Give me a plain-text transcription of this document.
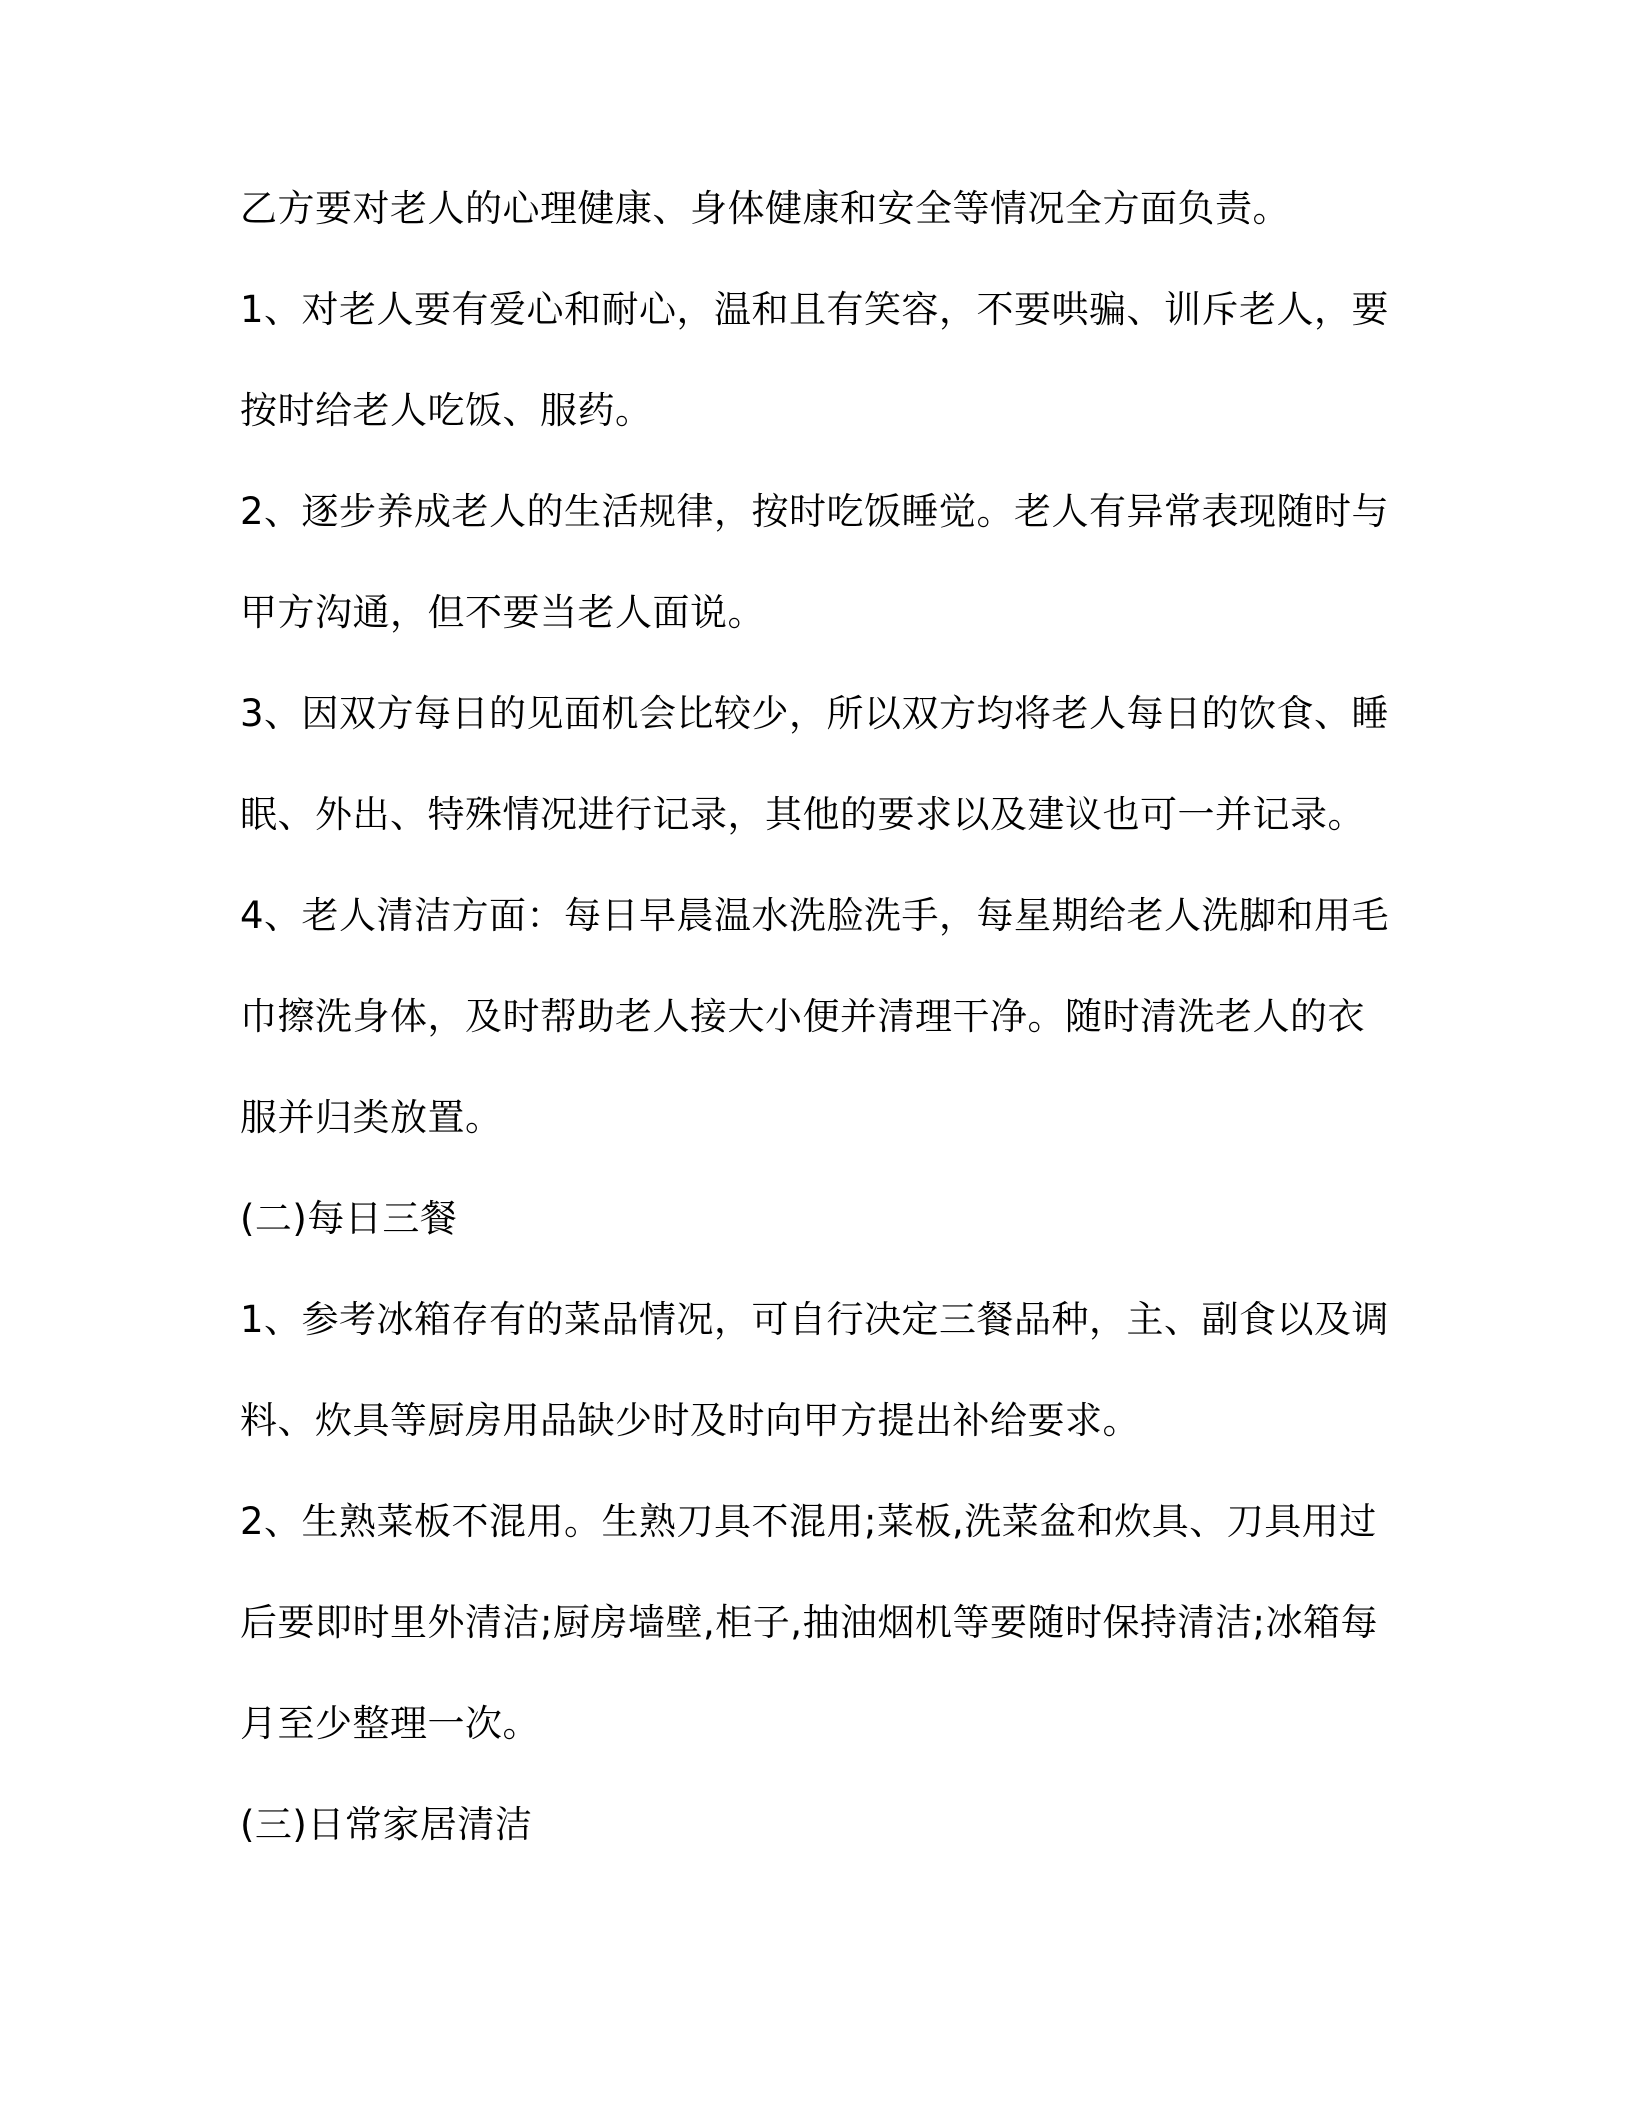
乙方要对老人的心理健康、身体健康和安全等情况全方面负责。
1、对老人要有爱心和耐心，温和且有笑容，不要哄骗、训斥老人，要
按时给老人吃饭、服药。
2、逐步养成老人的生活规律，按时吃饭睡觉。老人有异常表现随时与
甲方沟通，但不要当老人面说。
3、因双方每日的见面机会比较少，所以双方均将老人每日的饮食、睡
眠、外出、特殊情况进行记录，其他的要求以及建议也可一并记录。
4、老人清洁方面：每日早晨温水洗脸洗手，每星期给老人洗脚和用毛
巾擦洗身体，及时帮助老人接大小便并清理干净。随时清洗老人的衣
服并归类放置。
(二)每日三餐
1、参考冰箱存有的菜品情况，可自行决定三餐品种，主、副食以及调
料、炊具等厨房用品缺少时及时向甲方提出补给要求。
2、生熟菜板不混用。生熟刀具不混用;菜板,洗菜盆和炊具、刀具用过
后要即时里外清洁;厨房墙壁,柜子,抽油烟机等要随时保持清洁;冰箱每
月至少整理一次。
(三)日常家居清洁
